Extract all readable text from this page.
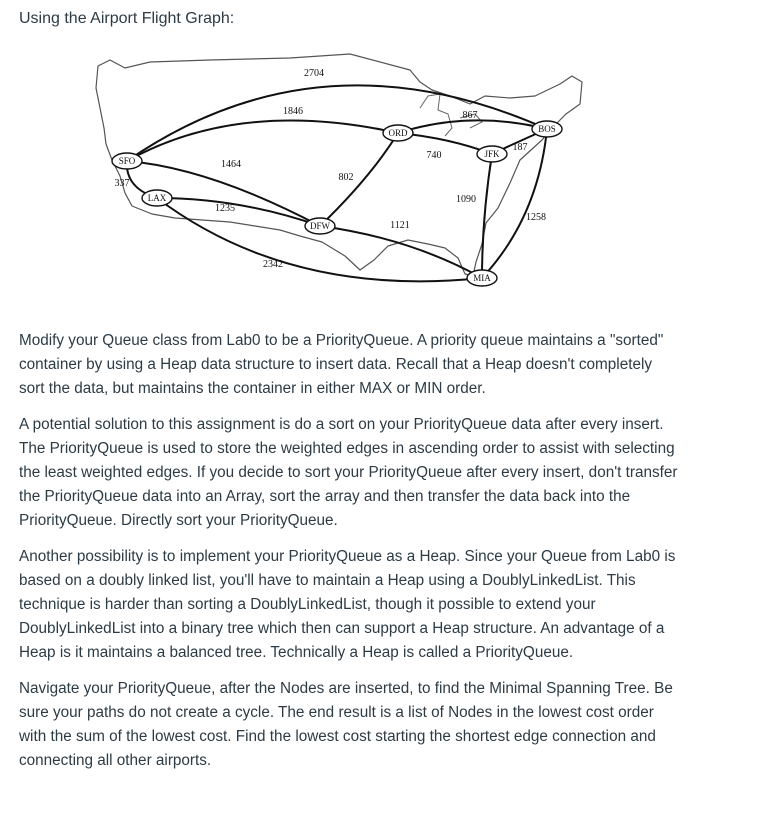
Using the Airport Flight Graph:
2704
1846
1464
337
1235
2342
802
1121
867
740
187
1090
1258
SFO
LAX
DFW
ORD
JFK
BOS
MIA

Modify your Queue class from Lab0 to be a PriorityQueue. A priority queue maintains a "sorted" container by using a Heap data structure to insert data. Recall that a Heap doesn't completely sort the data, but maintains the container in either MAX or MIN order.

A potential solution to this assignment is do a sort on your PriorityQueue data after every insert. The PriorityQueue is used to store the weighted edges in ascending order to assist with selecting the least weighted edges. If you decide to sort your PriorityQueue after every insert, don't transfer the PriorityQueue data into an Array, sort the array and then transfer the data back into the PriorityQueue. Directly sort your PriorityQueue.

Another possibility is to implement your PriorityQueue as a Heap. Since your Queue from Lab0 is based on a doubly linked list, you'll have to maintain a Heap using a DoublyLinkedList. This technique is harder than sorting a DoublyLinkedList, though it possible to extend your DoublyLinkedList into a binary tree which then can support a Heap structure. An advantage of a Heap is it maintains a balanced tree. Technically a Heap is called a PriorityQueue.

Navigate your PriorityQueue, after the Nodes are inserted, to find the Minimal Spanning Tree. Be sure your paths do not create a cycle. The end result is a list of Nodes in the lowest cost order with the sum of the lowest cost. Find the lowest cost starting the shortest edge connection and connecting all other airports.
